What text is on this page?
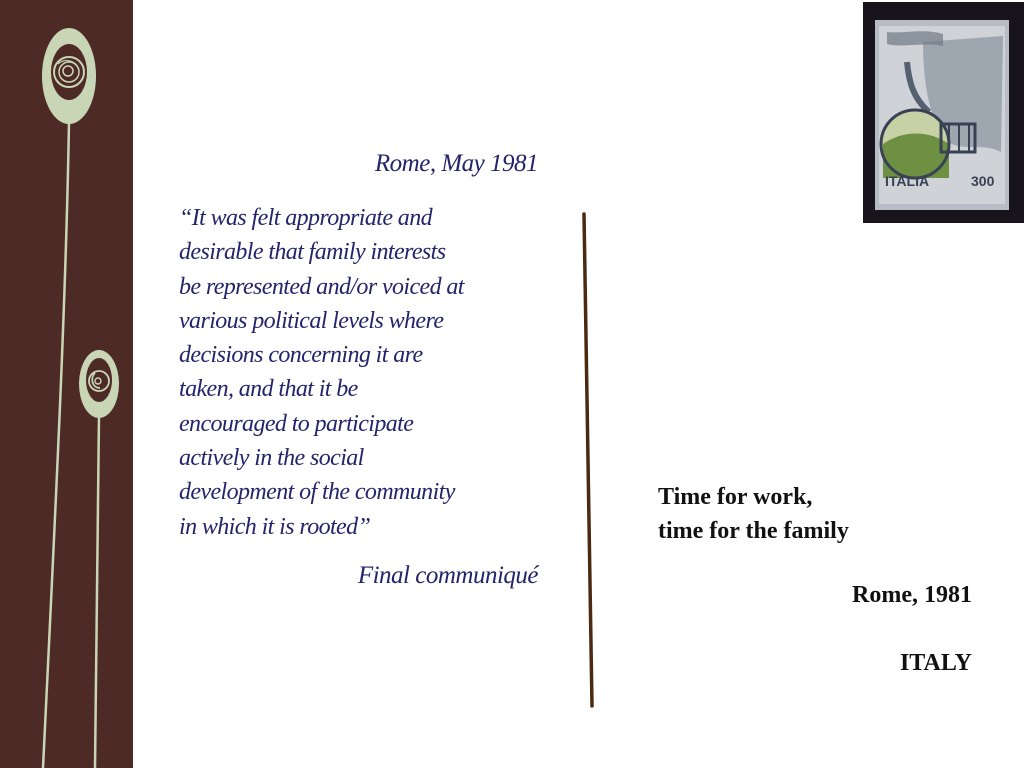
Rome, May 1981
“It was felt appropriate and
desirable that family interests
be represented and/or voiced at
various political levels where
decisions concerning it are
taken, and that it be
encouraged to participate
actively in the social
development of the community
in which it is rooted”
Final communiqué
ITALIA	300
Time for work,
time for the family
Rome, 1981
ITALY
